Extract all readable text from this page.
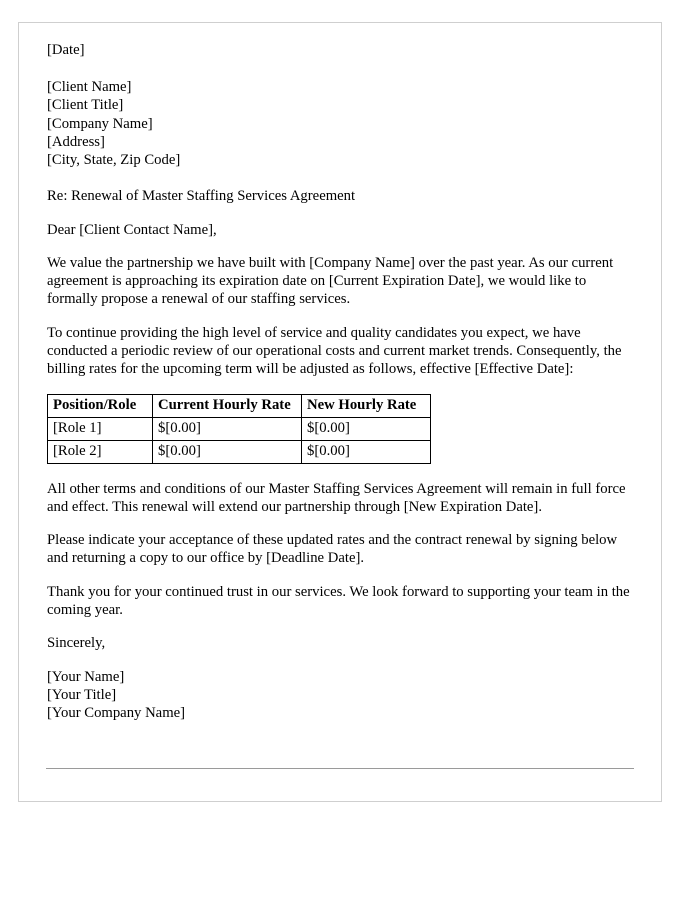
[Date]
[Client Name]
[Client Title]
[Company Name]
[Address]
[City, State, Zip Code]
Re: Renewal of Master Staffing Services Agreement
Dear [Client Contact Name],
We value the partnership we have built with [Company Name] over the past year. As our current agreement is approaching its expiration date on [Current Expiration Date], we would like to formally propose a renewal of our staffing services.
To continue providing the high level of service and quality candidates you expect, we have conducted a periodic review of our operational costs and current market trends. Consequently, the billing rates for the upcoming term will be adjusted as follows, effective [Effective Date]:
Position/Role	Current Hourly Rate	New Hourly Rate
[Role 1]	$[0.00]	$[0.00]
[Role 2]	$[0.00]	$[0.00]
All other terms and conditions of our Master Staffing Services Agreement will remain in full force and effect. This renewal will extend our partnership through [New Expiration Date].
Please indicate your acceptance of these updated rates and the contract renewal by signing below and returning a copy to our office by [Deadline Date].
Thank you for your continued trust in our services. We look forward to supporting your team in the coming year.
Sincerely,
[Your Name]
[Your Title]
[Your Company Name]
